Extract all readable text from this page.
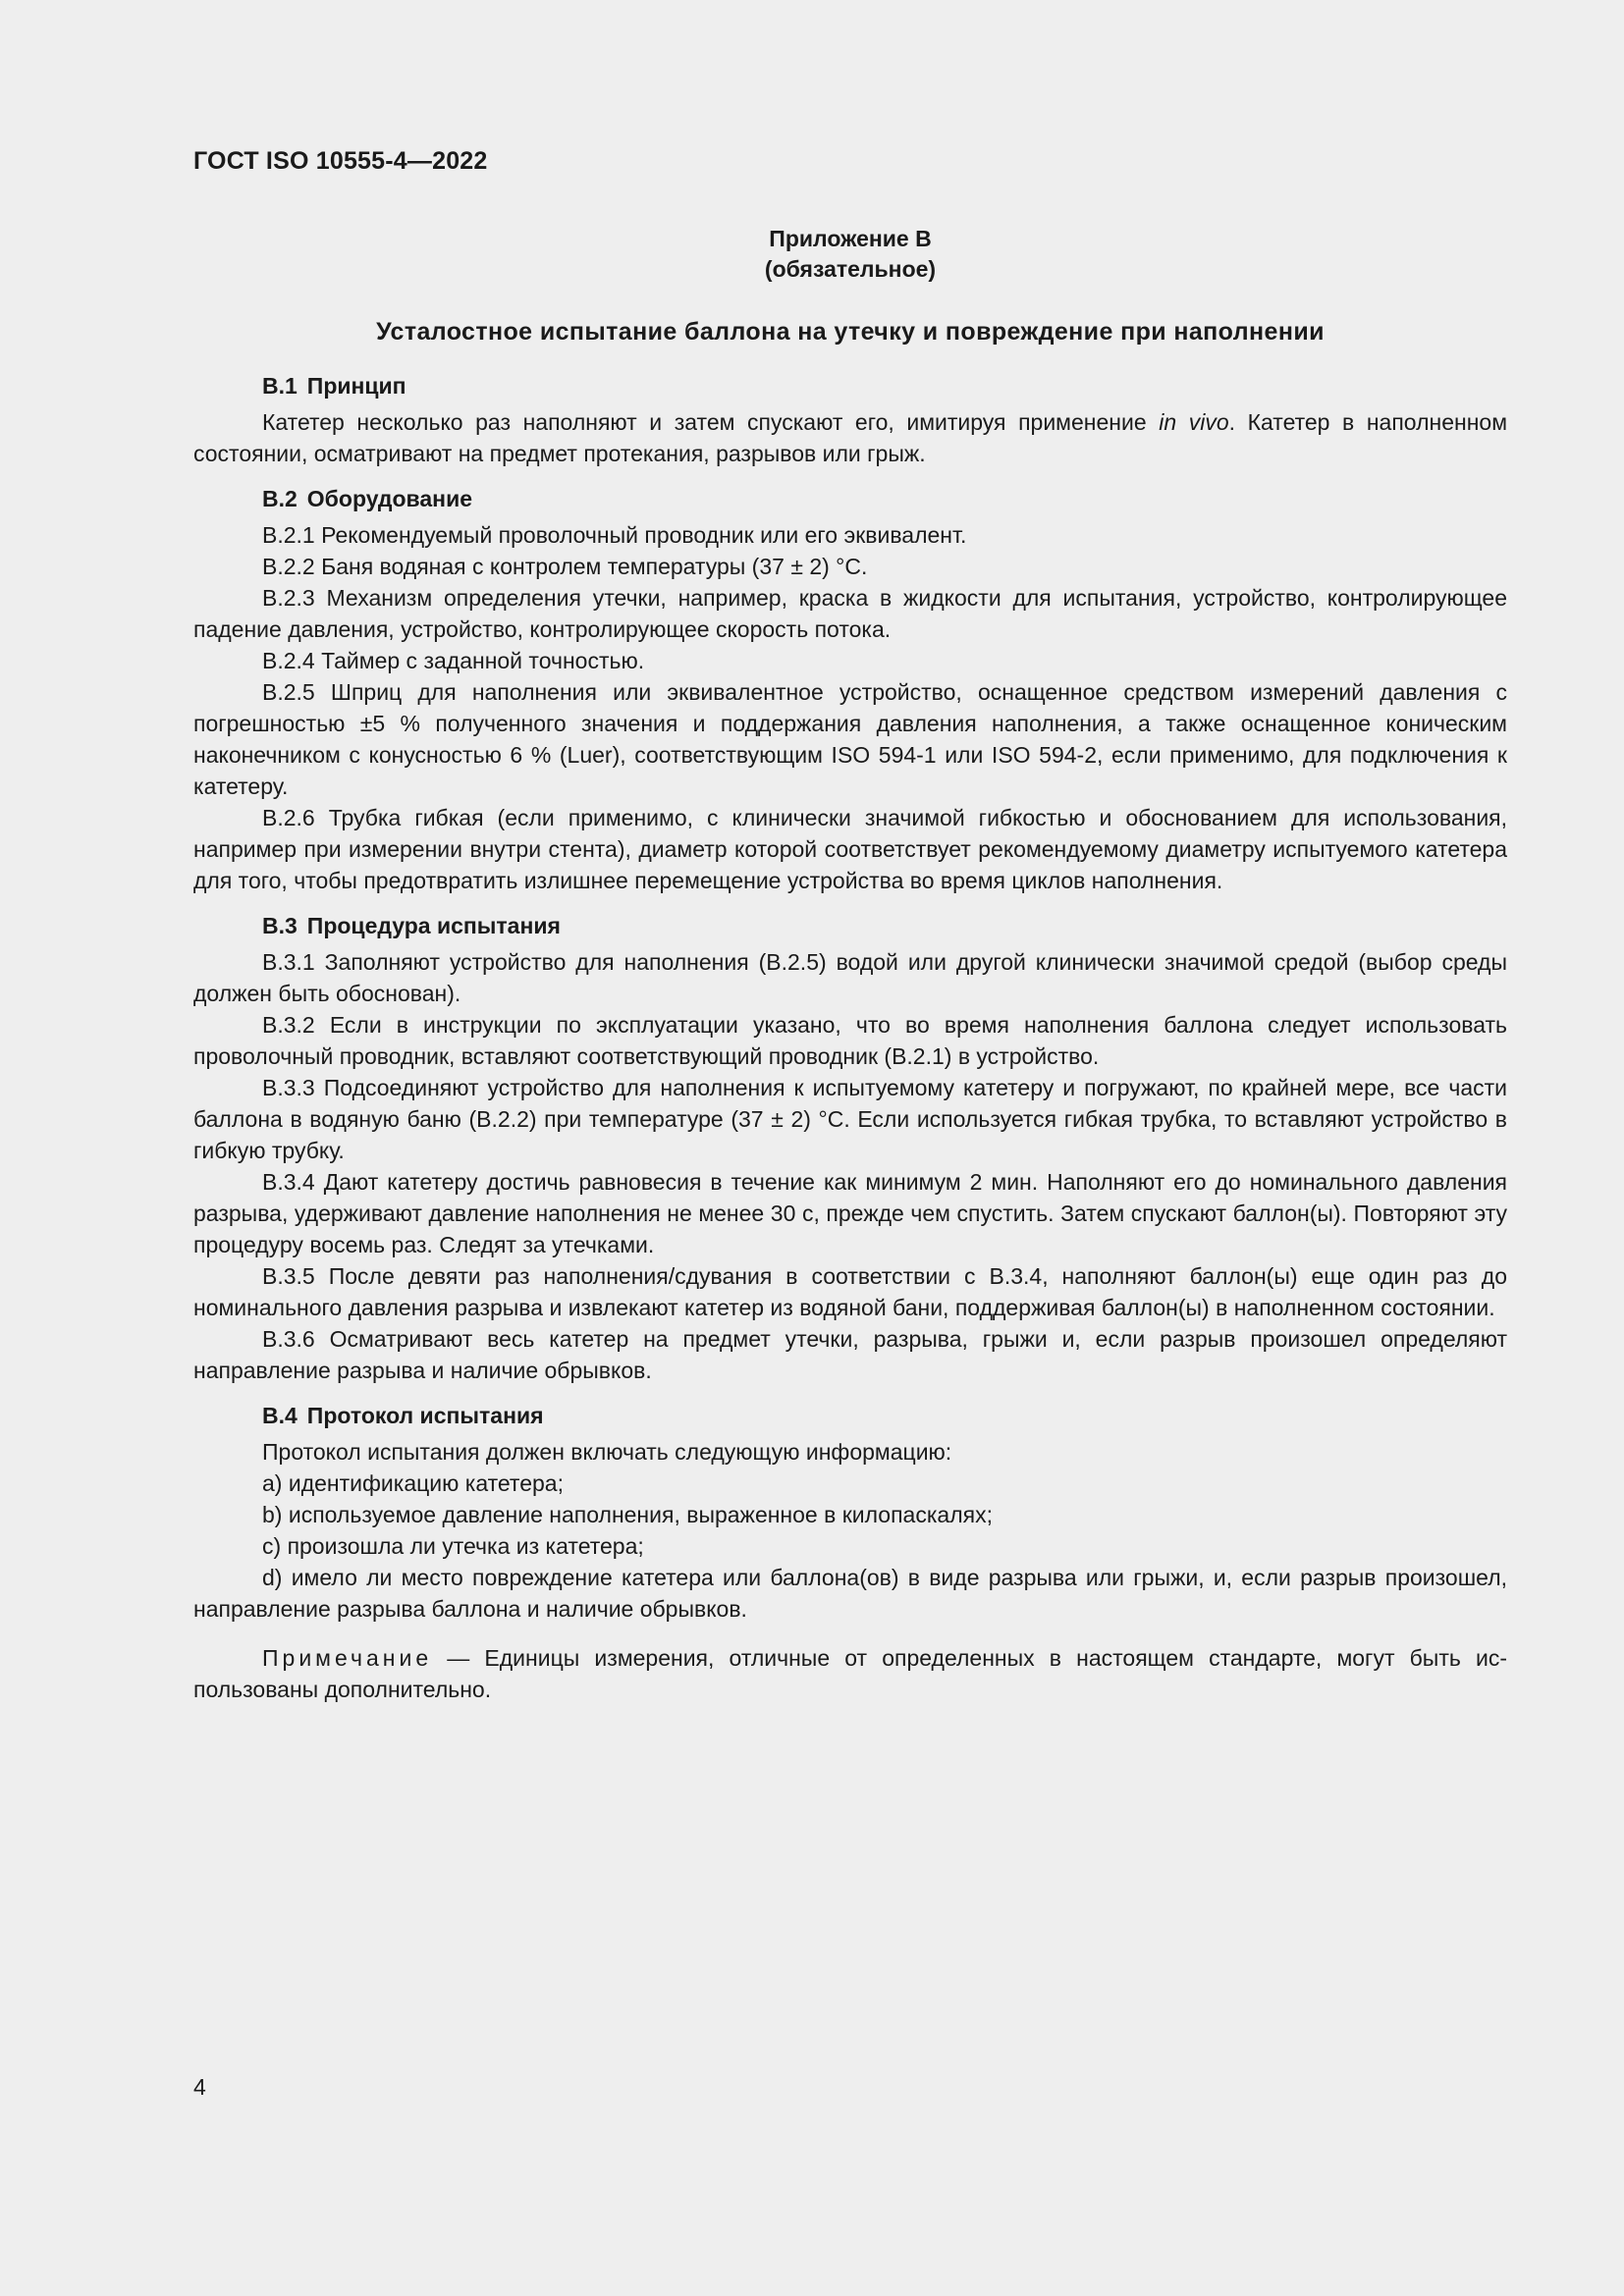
ГОСТ ISO 10555-4—2022
Приложение B
(обязательное)
Усталостное испытание баллона на утечку и повреждение при наполнении
B.1 Принцип

Катетер несколько раз наполняют и затем спускают его, имитируя применение in vivo. Катетер в наполненном состоянии, осматривают на предмет протекания, разрывов или грыж.

B.2 Оборудование

B.2.1 Рекомендуемый проволочный проводник или его эквивалент.

B.2.2 Баня водяная с контролем температуры (37 ± 2) °С.

B.2.3 Механизм определения утечки, например, краска в жидкости для испытания, устройство, контролирующее падение давления, устройство, контролирующее скорость потока.

B.2.4 Таймер с заданной точностью.

B.2.5 Шприц для наполнения или эквивалентное устройство, оснащенное средством измерений давления с погрешностью ±5 % полученного значения и поддержания давления наполнения, а также оснащенное коническим наконечником с конусностью 6 % (Luer), соответствующим ISO 594-1 или ISO 594-2, если применимо, для подключения к катетеру.

B.2.6 Трубка гибкая (если применимо, с клинически значимой гибкостью и обоснованием для использования, например при измерении внутри стента), диаметр которой соответствует рекомендуемому диаметру испытуемого катетера для того, чтобы предотвратить излишнее перемещение устройства во время циклов наполнения.

B.3 Процедура испытания

B.3.1 Заполняют устройство для наполнения (B.2.5) водой или другой клинически значимой средой (выбор среды должен быть обоснован).

B.3.2 Если в инструкции по эксплуатации указано, что во время наполнения баллона следует использовать проволочный проводник, вставляют соответствующий проводник (B.2.1) в устройство.

B.3.3 Подсоединяют устройство для наполнения к испытуемому катетеру и погружают, по крайней мере, все части баллона в водяную баню (B.2.2) при температуре (37 ± 2) °С. Если используется гибкая трубка, то вставляют устройство в гибкую трубку.

B.3.4 Дают катетеру достичь равновесия в течение как минимум 2 мин. Наполняют его до номинального давления разрыва, удерживают давление наполнения не менее 30 с, прежде чем спустить. Затем спускают баллон(ы). Повторяют эту процедуру восемь раз. Следят за утечками.

B.3.5 После девяти раз наполнения/сдувания в соответствии с B.3.4, наполняют баллон(ы) еще один раз до номинального давления разрыва и извлекают катетер из водяной бани, поддерживая баллон(ы) в наполненном состоянии.

B.3.6 Осматривают весь катетер на предмет утечки, разрыва, грыжи и, если разрыв произошел определяют направление разрыва и наличие обрывков.

B.4 Протокол испытания

Протокол испытания должен включать следующую информацию:

a) идентификацию катетера;

b) используемое давление наполнения, выраженное в килопаскалях;

c) произошла ли утечка из катетера;

d) имело ли место повреждение катетера или баллона(ов) в виде разрыва или грыжи, и, если разрыв произошел, направление разрыва баллона и наличие обрывков.

Примечание — Единицы измерения, отличные от определенных в настоящем стандарте, могут быть использованы дополнительно.

4
